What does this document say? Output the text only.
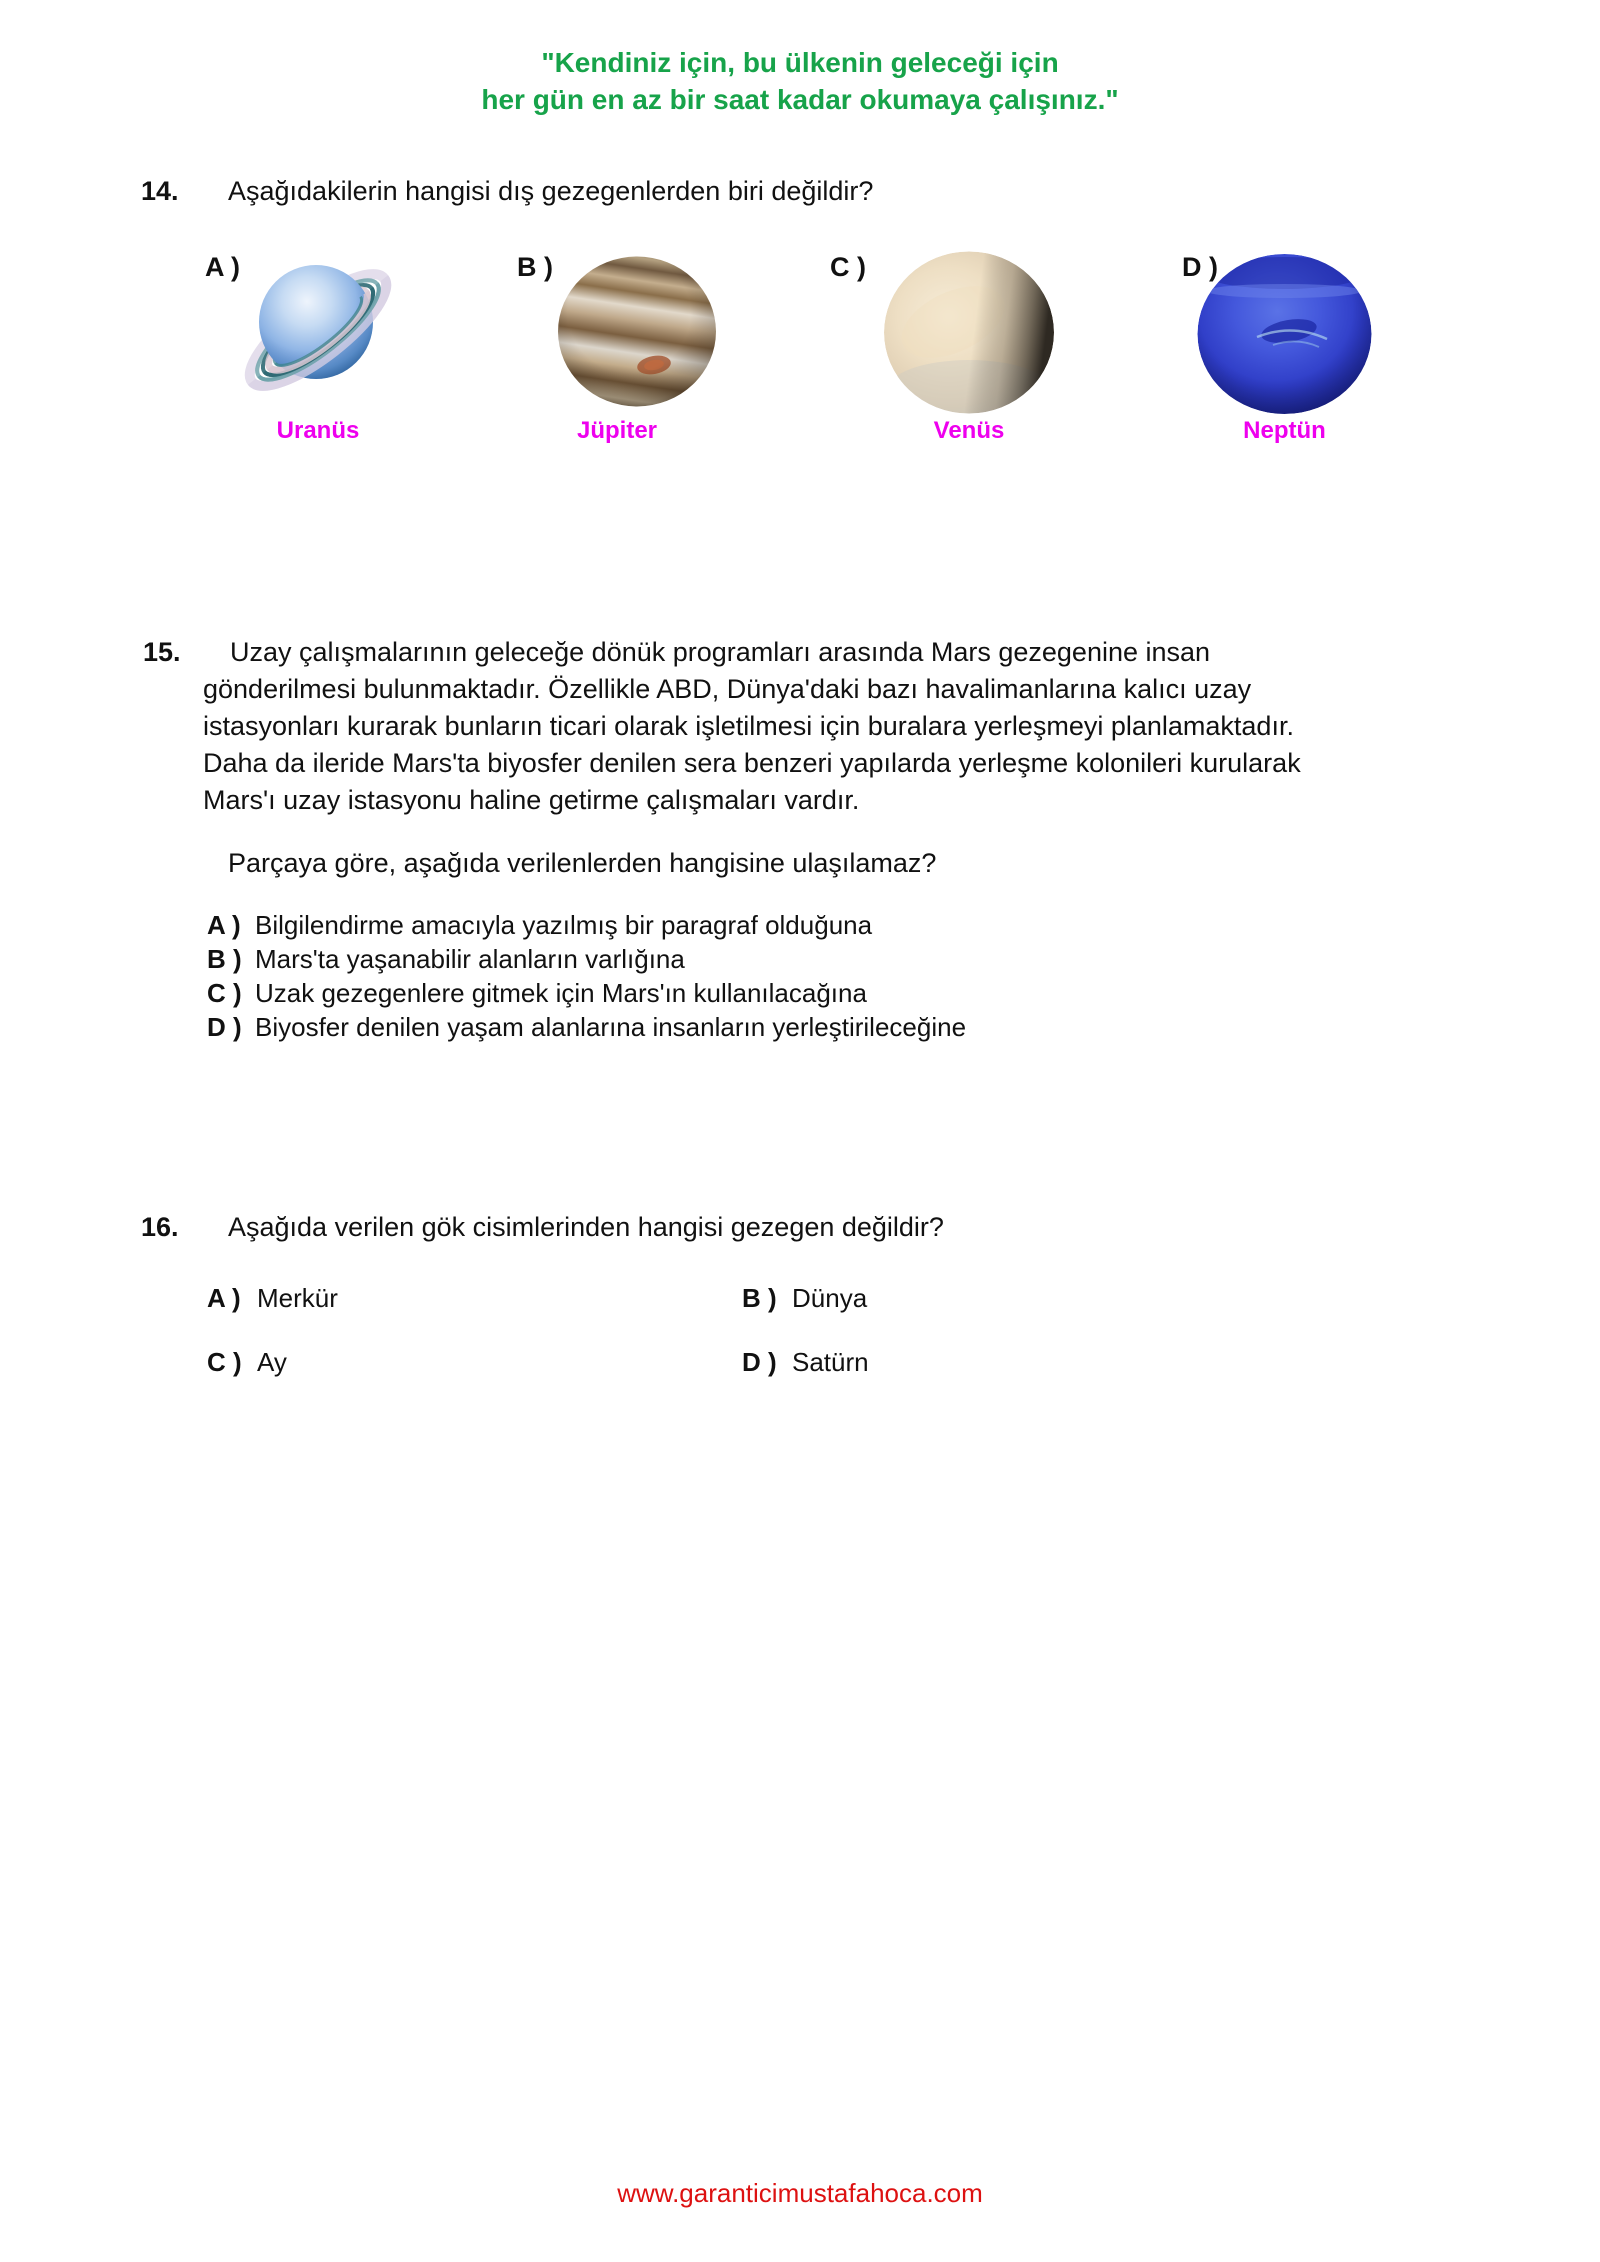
"Kendiniz için, bu ülkenin geleceği için
her gün en az bir saat kadar okumaya çalışınız."
14. Aşağıdakilerin hangisi dış gezegenlerden biri değildir?
A )
Uranüs
B )
Jüpiter
C )
Venüs
D )
Neptün
15.	Uzay çalışmalarının geleceğe dönük programları arasında Mars gezegenine insan gönderilmesi bulunmaktadır. Özellikle ABD, Dünya'daki bazı havalimanlarına kalıcı uzay istasyonları kurarak bunların ticari olarak işletilmesi için buralara yerleşmeyi planlamaktadır. Daha da ileride Mars'ta biyosfer denilen sera benzeri yapılarda yerleşme kolonileri kurularak Mars'ı uzay istasyonu haline getirme çalışmaları vardır.

Parçaya göre, aşağıda verilenlerden hangisine ulaşılamaz?
A ) Bilgilendirme amacıyla yazılmış bir paragraf olduğuna
B ) Mars'ta yaşanabilir alanların varlığına
C ) Uzak gezegenlere gitmek için Mars'ın kullanılacağına
D ) Biyosfer denilen yaşam alanlarına insanların yerleştirileceğine
16. Aşağıda verilen gök cisimlerinden hangisi gezegen değildir?
A ) Merkür	B ) Dünya
C ) Ay	D ) Satürn
www.garanticimustafahoca.com
